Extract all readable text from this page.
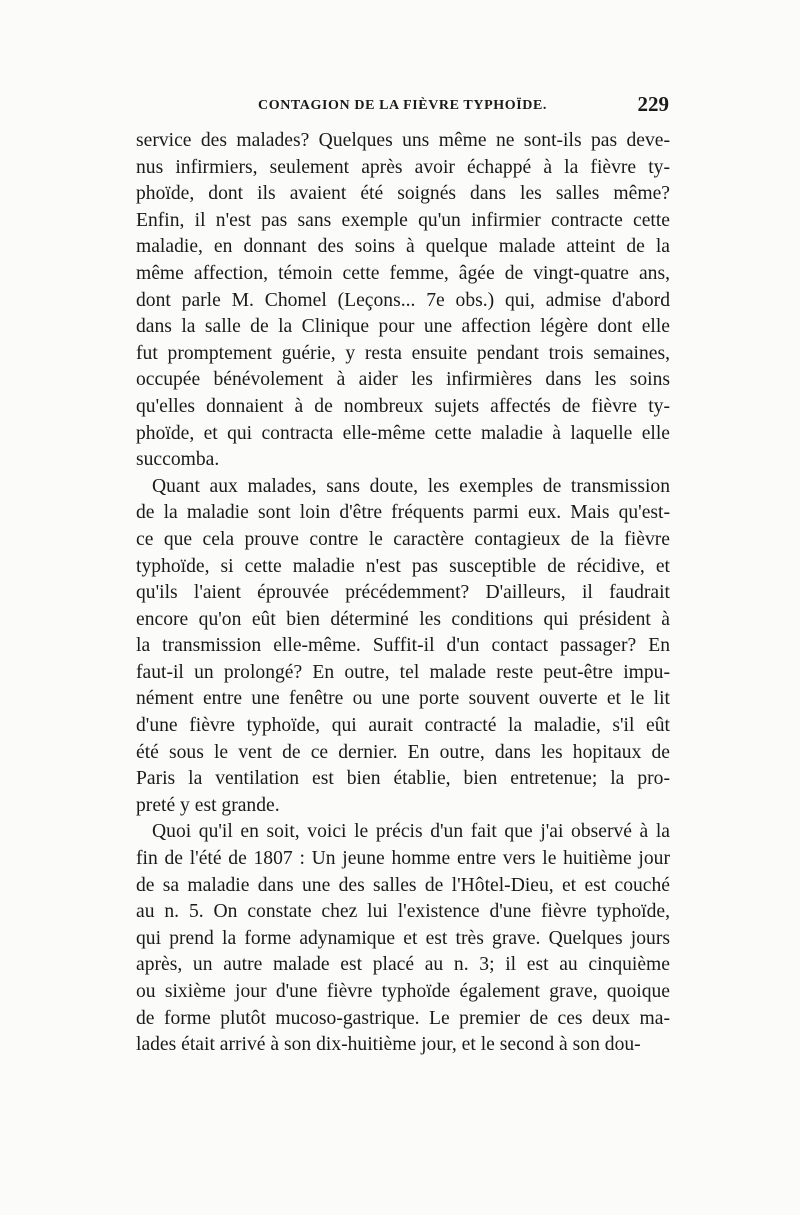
CONTAGION DE LA FIÈVRE TYPHOÏDE.	229
service des malades? Quelques uns même ne sont-ils pas deve-
nus infirmiers, seulement après avoir échappé à la fièvre ty-
phoïde, dont ils avaient été soignés dans les salles même?
Enfin, il n'est pas sans exemple qu'un infirmier contracte cette
maladie, en donnant des soins à quelque malade atteint de la
même affection, témoin cette femme, âgée de vingt-quatre ans,
dont parle M. Chomel (Leçons... 7e obs.) qui, admise d'abord
dans la salle de la Clinique pour une affection légère dont elle
fut promptement guérie, y resta ensuite pendant trois semaines,
occupée bénévolement à aider les infirmières dans les soins
qu'elles donnaient à de nombreux sujets affectés de fièvre ty-
phoïde, et qui contracta elle-même cette maladie à laquelle elle
succomba.
Quant aux malades, sans doute, les exemples de transmission
de la maladie sont loin d'être fréquents parmi eux. Mais qu'est-
ce que cela prouve contre le caractère contagieux de la fièvre
typhoïde, si cette maladie n'est pas susceptible de récidive, et
qu'ils l'aient éprouvée précédemment? D'ailleurs, il faudrait
encore qu'on eût bien déterminé les conditions qui président à
la transmission elle-même. Suffit-il d'un contact passager? En
faut-il un prolongé? En outre, tel malade reste peut-être impu-
nément entre une fenêtre ou une porte souvent ouverte et le lit
d'une fièvre typhoïde, qui aurait contracté la maladie, s'il eût
été sous le vent de ce dernier. En outre, dans les hopitaux de
Paris la ventilation est bien établie, bien entretenue; la pro-
preté y est grande.
Quoi qu'il en soit, voici le précis d'un fait que j'ai observé à la
fin de l'été de 1807 : Un jeune homme entre vers le huitième jour
de sa maladie dans une des salles de l'Hôtel-Dieu, et est couché
au n. 5. On constate chez lui l'existence d'une fièvre typhoïde,
qui prend la forme adynamique et est très grave. Quelques jours
après, un autre malade est placé au n. 3; il est au cinquième
ou sixième jour d'une fièvre typhoïde également grave, quoique
de forme plutôt mucoso-gastrique. Le premier de ces deux ma-
lades était arrivé à son dix-huitième jour, et le second à son dou-
